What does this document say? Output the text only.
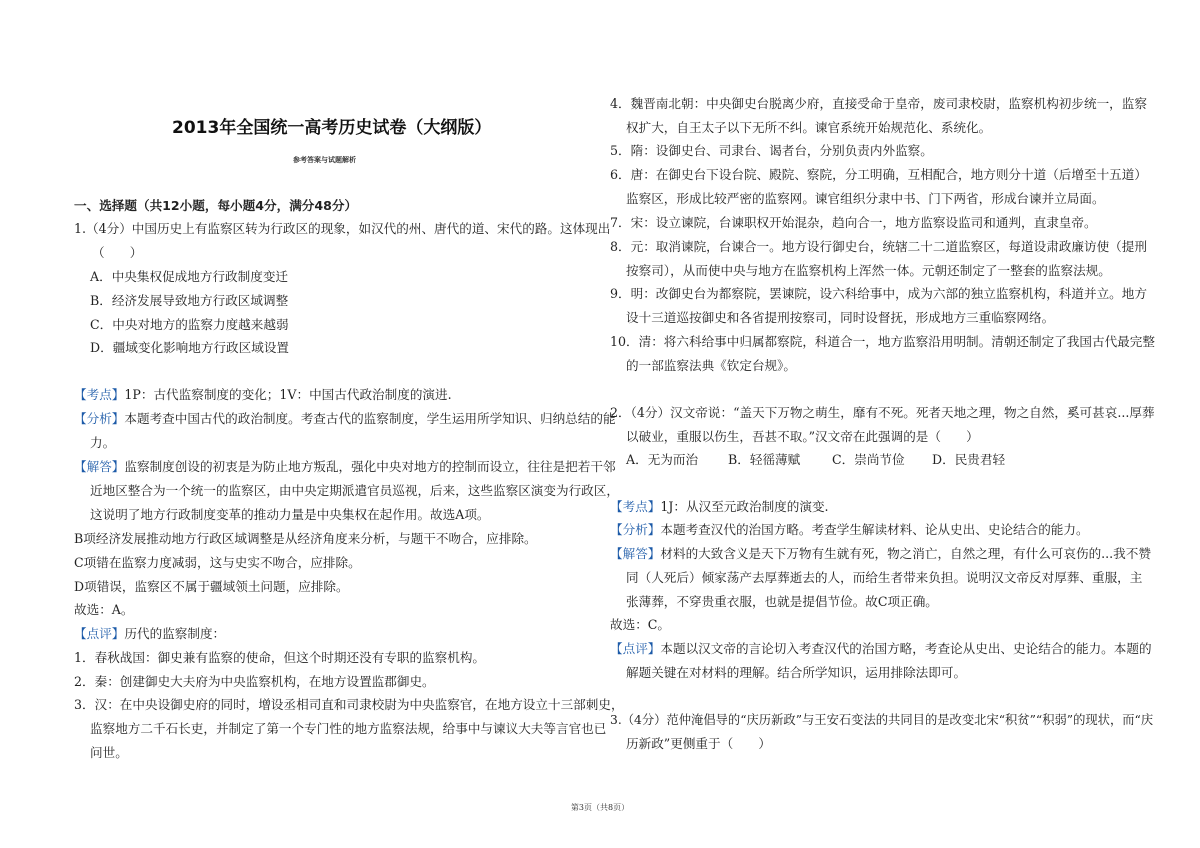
2013年全国统一高考历史试卷（大纲版）
参考答案与试题解析
一、选择题（共12小题，每小题4分，满分48分）
1.（4分）中国历史上有监察区转为行政区的现象，如汉代的州、唐代的道、宋代的路。这体现出
（　　）
A．中央集权促成地方行政制度变迁
B．经济发展导致地方行政区域调整
C．中央对地方的监察力度越来越弱
D．疆域变化影响地方行政区域设置
【考点】1P：古代监察制度的变化；1V：中国古代政治制度的演进.
【分析】本题考查中国古代的政治制度。考查古代的监察制度，学生运用所学知识、归纳总结的能
力。
【解答】监察制度创设的初衷是为防止地方叛乱，强化中央对地方的控制而设立，往往是把若干邻
近地区整合为一个统一的监察区，由中央定期派遣官员巡视，后来，这些监察区演变为行政区，
这说明了地方行政制度变革的推动力量是中央集权在起作用。故选A项。
B项经济发展推动地方行政区域调整是从经济角度来分析，与题干不吻合，应排除。
C项错在监察力度减弱，这与史实不吻合，应排除。
D项错误，监察区不属于疆域领土问题，应排除。
故选：A。
【点评】历代的监察制度：
1．春秋战国：御史兼有监察的使命，但这个时期还没有专职的监察机构。
2．秦：创建御史大夫府为中央监察机构，在地方设置监郡御史。
3．汉：在中央设御史府的同时，增设丞相司直和司隶校尉为中央监察官，在地方设立十三部刺史，
监察地方二千石长吏，并制定了第一个专门性的地方监察法规，给事中与谏议大夫等言官也已
问世。
4．魏晋南北朝：中央御史台脱离少府，直接受命于皇帝，废司隶校尉，监察机构初步统一，监察
权扩大，自王太子以下无所不纠。谏官系统开始规范化、系统化。
5．隋：设御史台、司隶台、谒者台，分别负责内外监察。
6．唐：在御史台下设台院、殿院、察院，分工明确，互相配合，地方则分十道（后增至十五道）
监察区，形成比较严密的监察网。谏官组织分隶中书、门下两省，形成台谏并立局面。
7．宋：设立谏院，台谏职权开始混杂，趋向合一，地方监察设监司和通判，直隶皇帝。
8．元：取消谏院，台谏合一。地方设行御史台，统辖二十二道监察区，每道设肃政廉访使（提刑
按察司），从而使中央与地方在监察机构上浑然一体。元朝还制定了一整套的监察法规。
9．明：改御史台为都察院，罢谏院，设六科给事中，成为六部的独立监察机构，科道并立。地方
设十三道巡按御史和各省提刑按察司，同时设督抚，形成地方三重临察网络。
10．清：将六科给事中归属都察院，科道合一，地方监察沿用明制。清朝还制定了我国古代最完整
的一部监察法典《钦定台规》。
2．（4分）汉文帝说：“盖天下万物之萌生，靡有不死。死者天地之理，物之自然，奚可甚哀...厚葬
以破业，重服以伤生，吾甚不取。”汉文帝在此强调的是（　　）
A．无为而治 B．轻徭薄赋	C．崇尚节俭 D．民贵君轻
【考点】1J：从汉至元政治制度的演变.
【分析】本题考查汉代的治国方略。考查学生解读材料、论从史出、史论结合的能力。
【解答】材料的大致含义是天下万物有生就有死，物之消亡，自然之理，有什么可哀伤的...我不赞
同（人死后）倾家荡产去厚葬逝去的人，而给生者带来负担。说明汉文帝反对厚葬、重服，主
张薄葬，不穿贵重衣服，也就是提倡节俭。故C项正确。
故选：C。
【点评】本题以汉文帝的言论切入考查汉代的治国方略，考查论从史出、史论结合的能力。本题的
解题关键在对材料的理解。结合所学知识，运用排除法即可。
3.（4分）范仲淹倡导的“庆历新政”与王安石变法的共同目的是改变北宋“积贫”“积弱”的现状，而“庆
历新政”更侧重于（　　）
第3页（共8页）
